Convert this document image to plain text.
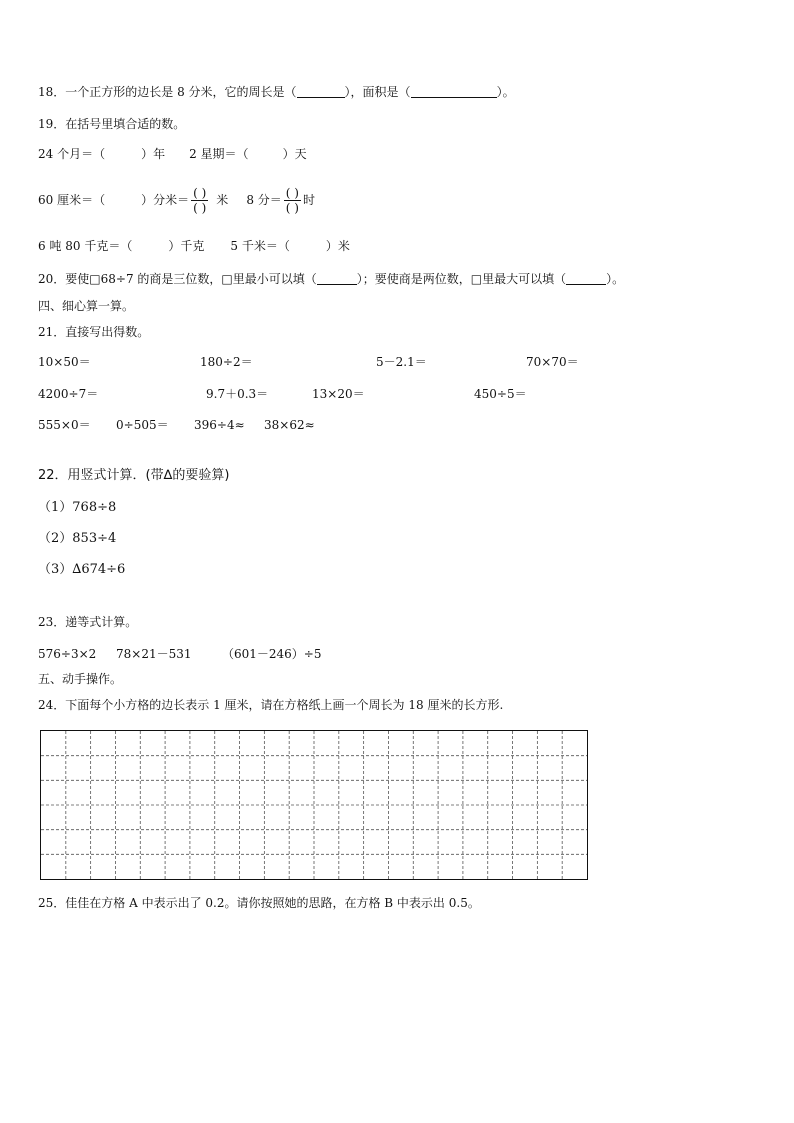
18．一个正方形的边长是 8 分米，它的周长是（	），面积是（	）。
19．在括号里填合适的数。
24 个月＝（	）年 2 星期＝（	）天
60 厘米＝（	）分米＝ $\frac{( )}{( )}$ 米 8 分＝ $\frac{( )}{( )}$ 时
6 吨 80 千克＝（	）千克 5 千米＝（	）米
20．要使□68÷7 的商是三位数，□里最小可以填（	）；要使商是两位数，□里最大可以填（	）。
四、细心算一算。
21．直接写出得数。
10×50＝	180÷2＝	5－2.1＝	70×70＝
4200÷7＝	9.7＋0.3＝	13×20＝	450÷5＝
555×0＝ 0÷505＝ 396÷4≈ 38×62≈
22．用竖式计算．(带∆的要验算)
（1）768÷8
（2）853÷4
（3）∆674÷6
23．递等式计算。
576÷3×2 78×21－531	（601－246）÷5
五、动手操作。
24．下面每个小方格的边长表示 1 厘米，请在方格纸上画一个周长为 18 厘米的长方形.
25．佳佳在方格 A 中表示出了 0.2。请你按照她的思路，在方格 B 中表示出 0.5。
